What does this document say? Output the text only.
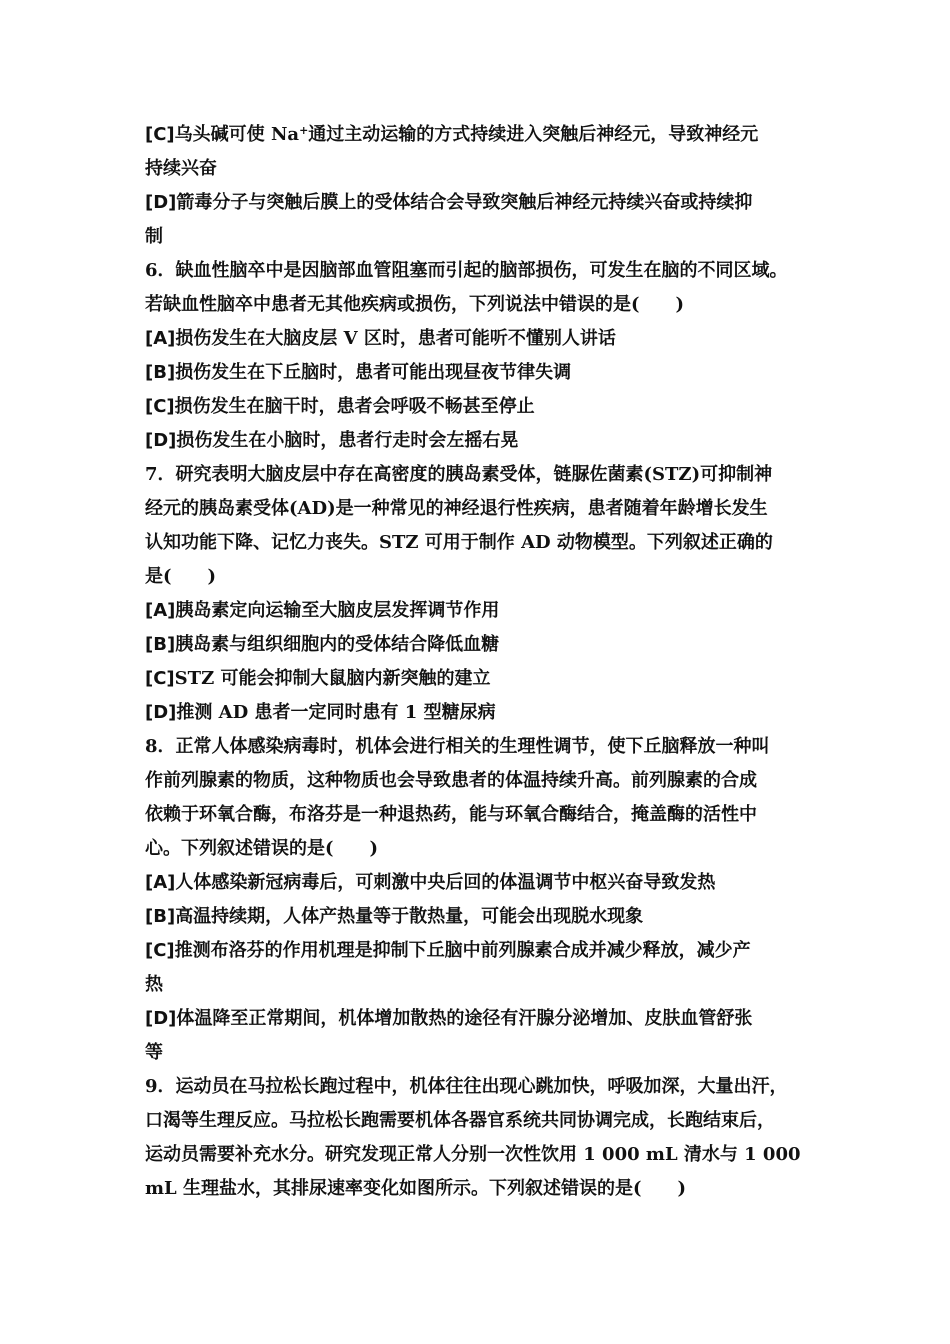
[C]乌头碱可使 Na+通过主动运输的方式持续进入突触后神经元，导致神经元
持续兴奋
[D]箭毒分子与突触后膜上的受体结合会导致突触后神经元持续兴奋或持续抑
制
6．缺血性脑卒中是因脑部血管阻塞而引起的脑部损伤，可发生在脑的不同区域。
若缺血性脑卒中患者无其他疾病或损伤，下列说法中错误的是(　　)
[A]损伤发生在大脑皮层 V 区时，患者可能听不懂别人讲话
[B]损伤发生在下丘脑时，患者可能出现昼夜节律失调
[C]损伤发生在脑干时，患者会呼吸不畅甚至停止
[D]损伤发生在小脑时，患者行走时会左摇右晃
7．研究表明大脑皮层中存在高密度的胰岛素受体，链脲佐菌素(STZ)可抑制神
经元的胰岛素受体(AD)是一种常见的神经退行性疾病，患者随着年龄增长发生
认知功能下降、记忆力丧失。STZ 可用于制作 AD 动物模型。下列叙述正确的
是(　　)
[A]胰岛素定向运输至大脑皮层发挥调节作用
[B]胰岛素与组织细胞内的受体结合降低血糖
[C]STZ 可能会抑制大鼠脑内新突触的建立
[D]推测 AD 患者一定同时患有 1 型糖尿病
8．正常人体感染病毒时，机体会进行相关的生理性调节，使下丘脑释放一种叫
作前列腺素的物质，这种物质也会导致患者的体温持续升高。前列腺素的合成
依赖于环氧合酶，布洛芬是一种退热药，能与环氧合酶结合，掩盖酶的活性中
心。下列叙述错误的是(　　)
[A]人体感染新冠病毒后，可刺激中央后回的体温调节中枢兴奋导致发热
[B]高温持续期，人体产热量等于散热量，可能会出现脱水现象
[C]推测布洛芬的作用机理是抑制下丘脑中前列腺素合成并减少释放，减少产
热
[D]体温降至正常期间，机体增加散热的途径有汗腺分泌增加、皮肤血管舒张
等
9．运动员在马拉松长跑过程中，机体往往出现心跳加快，呼吸加深，大量出汗，
口渴等生理反应。马拉松长跑需要机体各器官系统共同协调完成，长跑结束后，
运动员需要补充水分。研究发现正常人分别一次性饮用 1 000 mL 清水与 1 000
mL 生理盐水，其排尿速率变化如图所示。下列叙述错误的是(　　)
